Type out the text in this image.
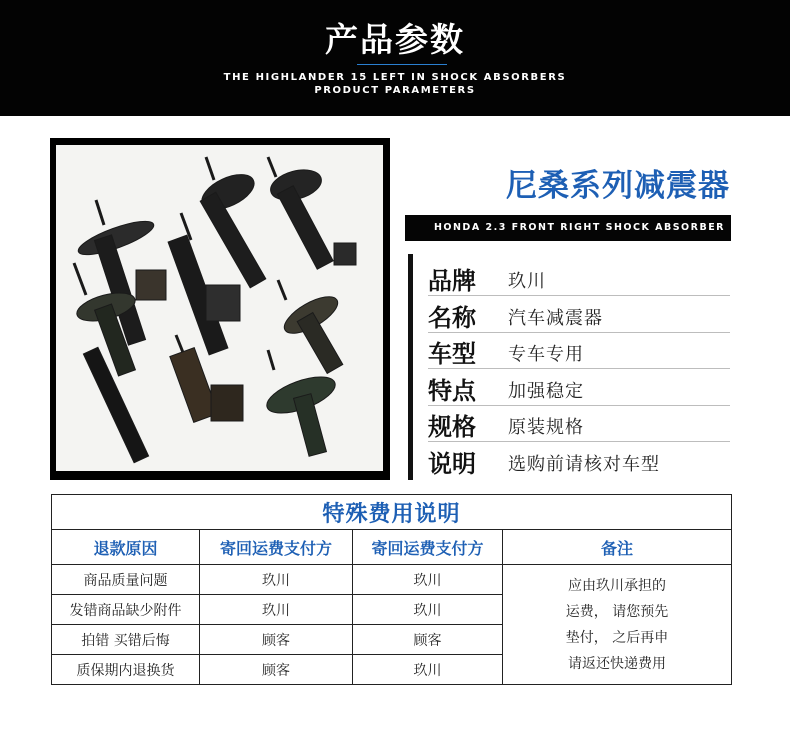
产品参数
THE HIGHLANDER 15 LEFT IN SHOCK ABSORBERS
PRODUCT PARAMETERS
尼桑系列减震器
HONDA 2.3 FRONT RIGHT SHOCK ABSORBER
品牌 玖川
名称 汽车减震器
车型 专车专用
特点 加强稳定
规格 原装规格
说明 选购前请核对车型
特殊费用说明			
退款原因	寄回运费支付方	寄回运费支付方	备注
商品质量问题	玖川	玖川	应由玖川承担的
运费， 请您预先
垫付， 之后再申
请返还快递费用

发错商品缺少附件	玖川	玖川	
拍错 买错后悔	顾客	顾客	
质保期内退换货	顾客	玖川	
